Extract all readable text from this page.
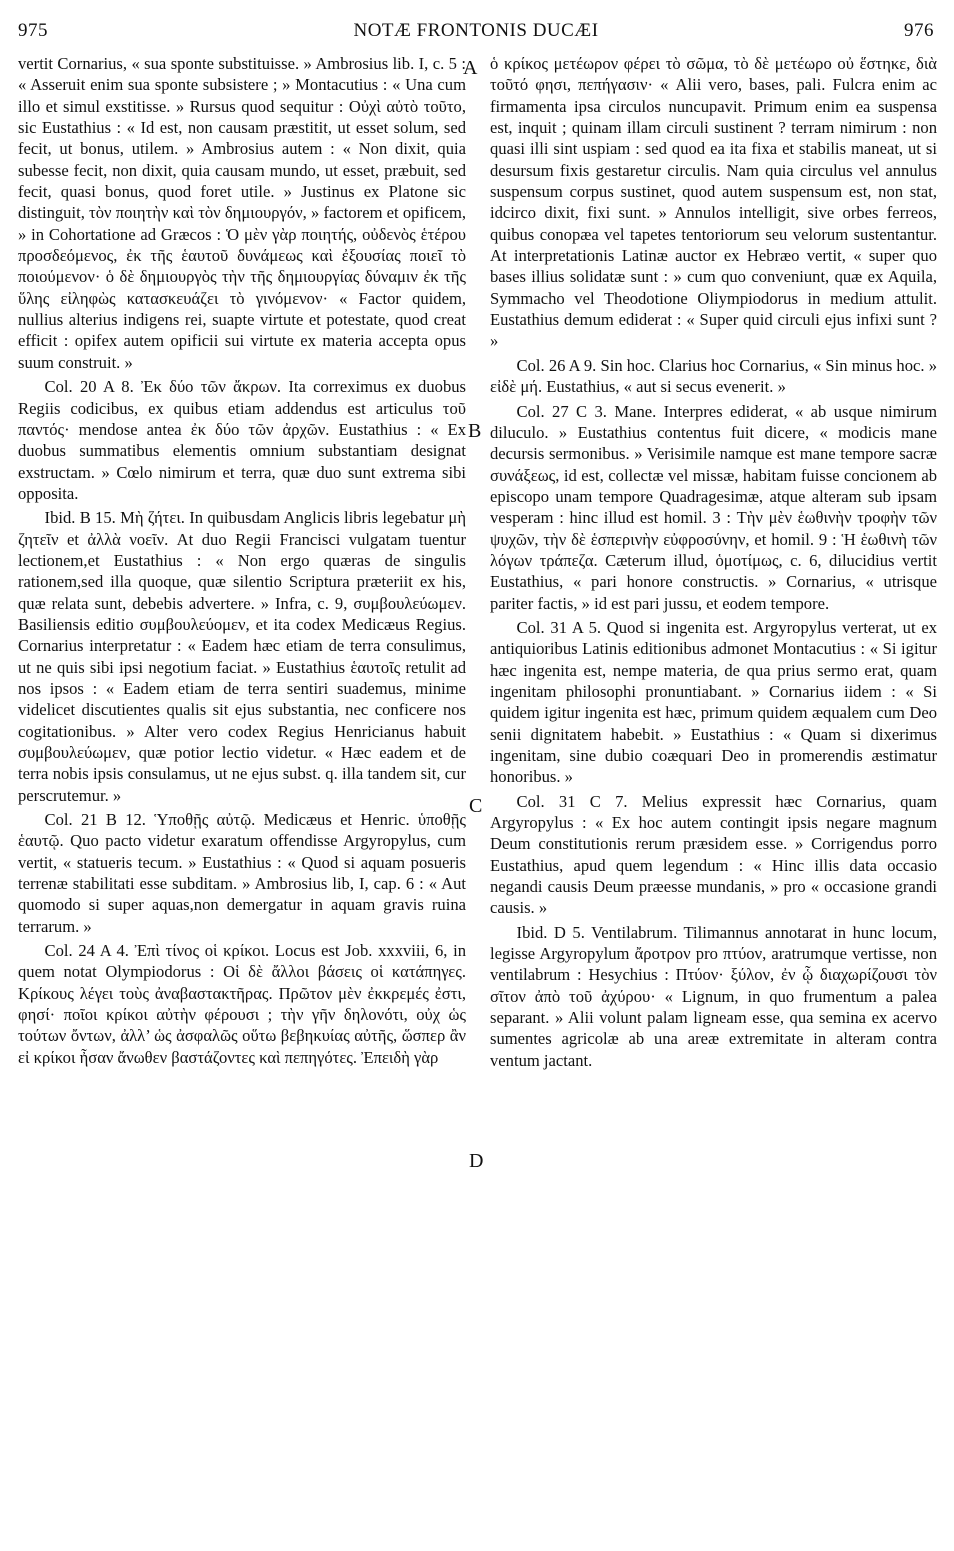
975	NOTÆ FRONTONIS DUCÆI	976

vertit Cornarius, « sua sponte substituisse. » Ambrosius lib. I, c. 5 : « Asseruit enim sua sponte subsistere ; » Montacutius : « Una cum illo et simul exstitisse. » Rursus quod sequitur : Οὐχὶ αὐτὸ τοῦτο, sic Eustathius : « Id est, non causam præstitit, ut esset solum, sed fecit, ut bonus, utilem. » Ambrosius autem : « Non dixit, quia subesse fecit, non dixit, quia causam mundo, ut esset, præbuit, sed fecit, quasi bonus, quod foret utile. » Justinus ex Platone sic distinguit, τὸν ποιητὴν καὶ τὸν δημιουργόν, » factorem et opificem, » in Cohortatione ad Græcos : Ὁ μὲν γὰρ ποιητής, οὐδενὸς ἑτέρου προσδεόμενος, ἐκ τῆς ἑαυτοῦ δυνάμεως καὶ ἐξουσίας ποιεῖ τὸ ποιούμενον· ὁ δὲ δημιουργὸς τὴν τῆς δημιουργίας δύναμιν ἐκ τῆς ὕλης εἰληφὼς κατασκευάζει τὸ γινόμενον· « Factor quidem, nullius alterius indigens rei, suapte virtute et potestate, quod creat efficit : opifex autem opificii sui virtute ex materia accepta opus suum construit. »

Col. 20 A 8. Ἐκ δύο τῶν ἄκρων. Ita correximus ex duobus Regiis codicibus, ex quibus etiam addendus est articulus τοῦ παντός· mendose antea ἐκ δύο τῶν ἀρχῶν. Eustathius : « Ex duobus summatibus elementis omnium substantiam designat exstructam. » Cœlo nimirum et terra, quæ duo sunt extrema sibi opposita.

Ibid. B 15. Μὴ ζήτει. In quibusdam Anglicis libris legebatur μὴ ζητεῖν et ἀλλὰ νοεῖν. At duo Regii Francisci vulgatam tuentur lectionem,et Eustathius : « Non ergo quæras de singulis rationem,sed illa quoque, quæ silentio Scriptura præteriit ex his, quæ relata sunt, debebis advertere. » Infra, c. 9, συμβουλεύωμεν. Basiliensis editio συμβουλεύομεν, et ita codex Medicæus Regius. Cornarius interpretatur : « Eadem hæc etiam de terra consulimus, ut ne quis sibi ipsi negotium faciat. » Eustathius ἑαυτοῖς retulit ad nos ipsos : « Eadem etiam de terra sentiri suademus, minime videlicet discutientes qualis sit ejus substantia, nec conficere nos cogitationibus. » Alter vero codex Regius Henricianus habuit συμβουλεύωμεν, quæ potior lectio videtur. « Hæc eadem et de terra nobis ipsis consulamus, ut ne ejus subst. q. illa tandem sit, cur perscrutemur. »

Col. 21 B 12. Ὑποθῇς αὐτῷ. Medicæus et Henric. ὑποθῇς ἑαυτῷ. Quo pacto videtur exaratum offendisse Argyropylus, cum vertit, « statueris tecum. » Eustathius : « Quod si aquam posueris terrenæ stabilitati esse subditam. » Ambrosius lib, I, cap. 6 : « Aut quomodo si super aquas,non demergatur in aquam gravis ruina terrarum. »

Col. 24 A 4. Ἐπὶ τίνος οἱ κρίκοι. Locus est Job. xxxviii, 6, in quem notat Olympiodorus : Οἱ δὲ ἄλλοι βάσεις οἱ κατάπηγες. Κρίκους λέγει τοὺς ἀναβαστακτῆρας. Πρῶτον μὲν ἐκκρεμές ἐστι, φησί· ποῖοι κρίκοι αὐτὴν φέρουσι ; τὴν γῆν δηλονότι, οὐχ ὡς τούτων ὄντων, ἀλλ’ ὡς ἀσφαλῶς οὕτω βεβηκυίας αὐτῆς, ὥσπερ ἂν εἰ κρίκοι ἦσαν ἄνωθεν βαστάζοντες καὶ πεπηγότες. Ἐπειδὴ γὰρ

A
B
C
D

ὁ κρίκος μετέωρον φέρει τὸ σῶμα, τὸ δὲ μετέωρο οὐ ἕστηκε, διὰ τοῦτό φησι, πεπήγασιν· « Alii vero, bases, pali. Fulcra enim ac firmamenta ipsa circulos nuncupavit. Primum enim ea suspensa est, inquit ; quinam illam circuli sustinent ? terram nimirum : non quasi illi sint uspiam : sed quod ea ita fixa et stabilis maneat, ut si desursum fixis gestaretur circulis. Nam quia circulus vel annulus suspensum corpus sustinet, quod autem suspensum est, non stat, idcirco dixit, fixi sunt. » Annulos intelligit, sive orbes ferreos, quibus conopæa vel tapetes tentoriorum seu velorum sustentantur. At interpretationis Latinæ auctor ex Hebræo vertit, « super quo bases illius solidatæ sunt : » cum quo conveniunt, quæ ex Aquila, Symmacho vel Theodotione Oliympiodorus in medium attulit. Eustathius demum ediderat : « Super quid circuli ejus infixi sunt ? »

Col. 26 A 9. Sin hoc. Clarius hoc Cornarius, « Sin minus hoc. » εἰδὲ μή. Eustathius, « aut si secus evenerit. »

Col. 27 C 3. Mane. Interpres ediderat, « ab usque nimirum diluculo. » Eustathius contentus fuit dicere, « modicis mane decursis sermonibus. » Verisimile namque est mane tempore sacræ συνάξεως, id est, collectæ vel missæ, habitam fuisse concionem ab episcopo unam tempore Quadragesimæ, atque alteram sub ipsam vesperam : hinc illud est homil. 3 : Τὴν μὲν ἑωθινὴν τροφὴν τῶν ψυχῶν, τὴν δὲ ἑσπερινὴν εὐφροσύνην, et homil. 9 : Ἡ ἑωθινὴ τῶν λόγων τράπεζα. Cæterum illud, ὁμοτίμως, c. 6, dilucidius vertit Eustathius, « pari honore constructis. » Cornarius, « utrisque pariter factis, » id est pari jussu, et eodem tempore.

Col. 31 A 5. Quod si ingenita est. Argyropylus verterat, ut ex antiquioribus Latinis editionibus admonet Montacutius : « Si igitur hæc ingenita est, nempe materia, de qua prius sermo erat, quam ingenitam philosophi pronuntiabant. » Cornarius iidem : « Si quidem igitur ingenita est hæc, primum quidem æqualem cum Deo senii dignitatem habebit. » Eustathius : « Quam si dixerimus ingenitam, sine dubio coæquari Deo in promerendis æstimatur honoribus. »

Col. 31 C 7. Melius expressit hæc Cornarius, quam Argyropylus : « Ex hoc autem contingit ipsis negare magnum Deum constitutionis rerum præsidem esse. » Corrigendus porro Eustathius, apud quem legendum : « Hinc illis data occasio negandi causis Deum præesse mundanis, » pro « occasione grandi causis. »

Ibid. D 5. Ventilabrum. Tilimannus annotarat in hunc locum, legisse Argyropylum ἄροτρον pro πτύον, aratrumque vertisse, non ventilabrum : Hesychius : Πτύον· ξύλον, ἐν ᾧ διαχωρίζουσι τὸν σῖτον ἀπὸ τοῦ ἀχύρου· « Lignum, in quo frumentum a palea separant. » Alii volunt palam ligneam esse, qua semina ex acervo sumentes agricolæ ab una areæ extremitate in alteram contra ventum jactant.
